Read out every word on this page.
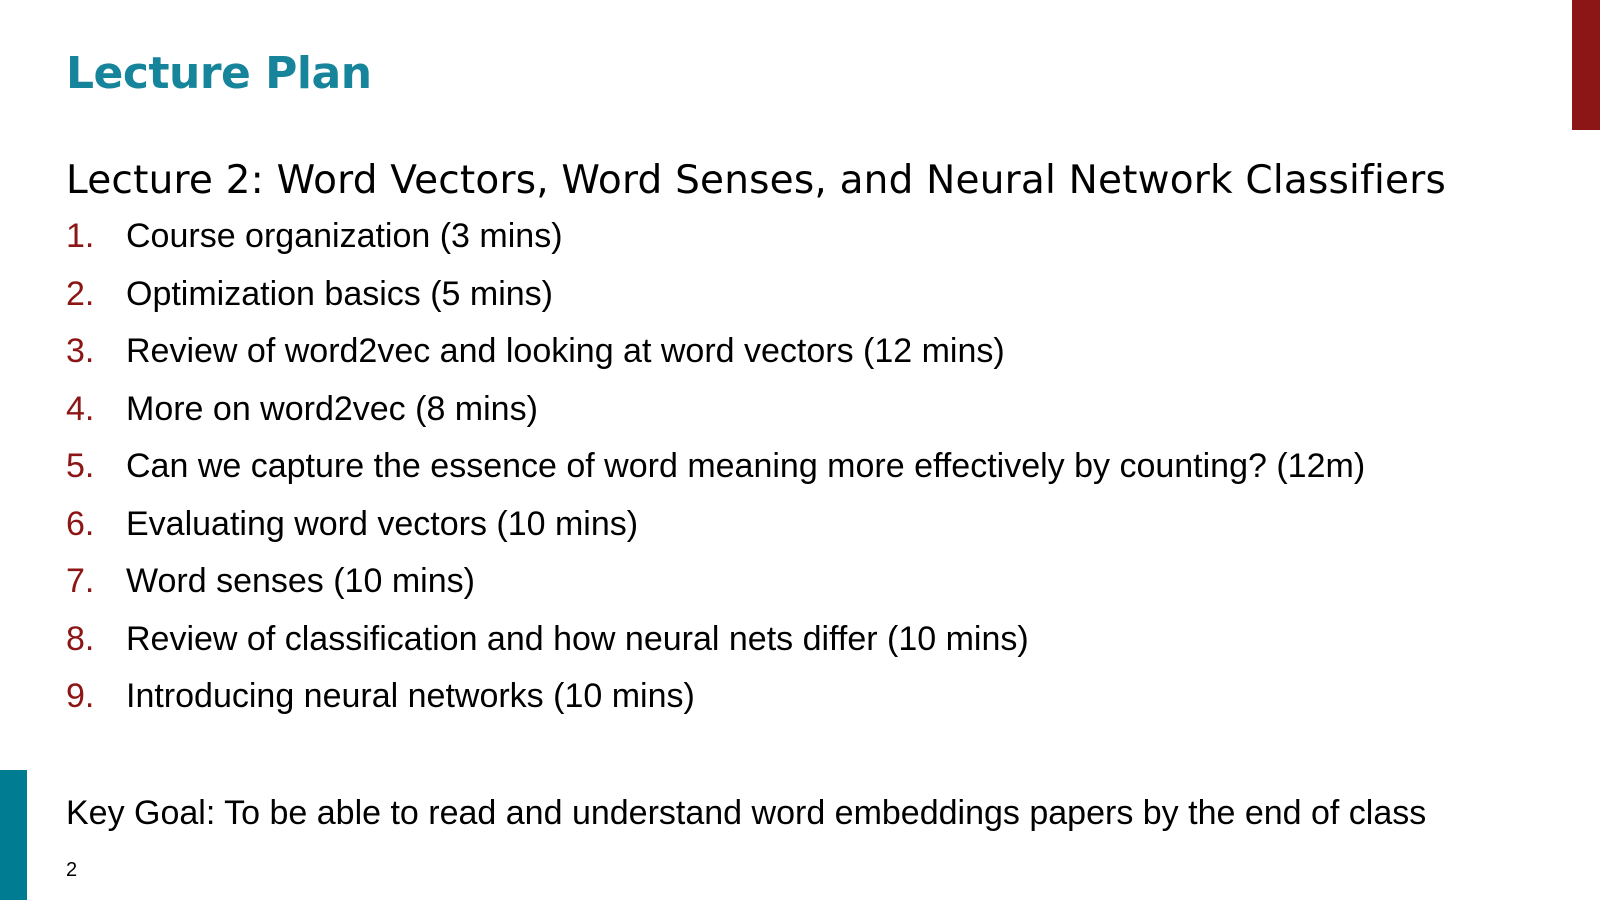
Lecture Plan

Lecture 2: Word Vectors, Word Senses, and Neural Network Classifiers

1. Course organization (3 mins)
2. Optimization basics (5 mins)
3. Review of word2vec and looking at word vectors (12 mins)
4. More on word2vec (8 mins)
5. Can we capture the essence of word meaning more effectively by counting? (12m)
6. Evaluating word vectors (10 mins)
7. Word senses (10 mins)
8. Review of classification and how neural nets differ (10 mins)
9. Introducing neural networks (10 mins)

Key Goal: To be able to read and understand word embeddings papers by the end of class

2
